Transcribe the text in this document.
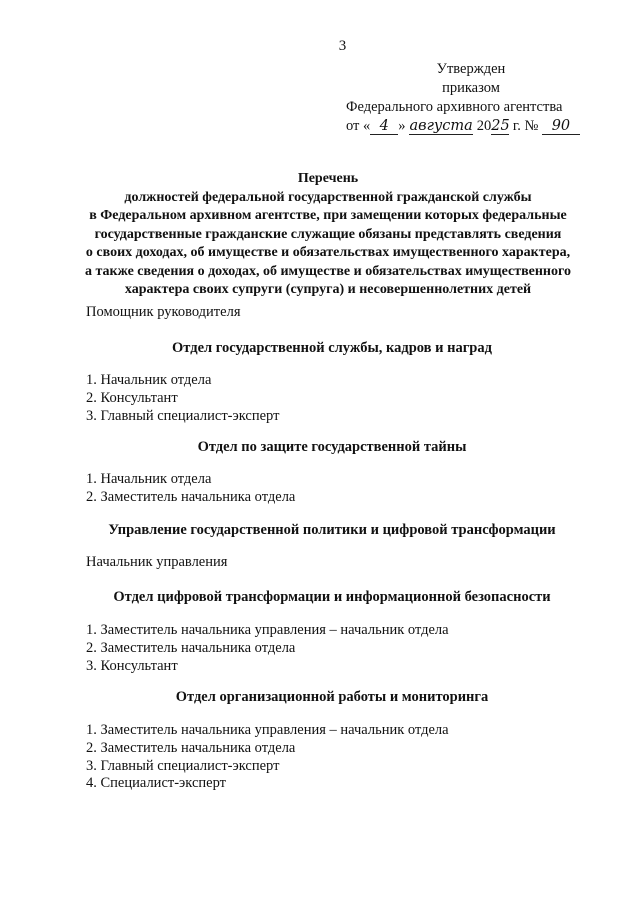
3
Утвержден
приказом
Федерального архивного агентства
от « 4 » августа 2025 г. № 90
Перечень
должностей федеральной государственной гражданской службы
в Федеральном архивном агентстве, при замещении которых федеральные
государственные гражданские служащие обязаны представлять сведения
о своих доходах, об имуществе и обязательствах имущественного характера,
а также сведения о доходах, об имуществе и обязательствах имущественного
характера своих супруги (супруга) и несовершеннолетних детей
Помощник руководителя
Отдел государственной службы, кадров и наград
1. Начальник отдела
2. Консультант
3. Главный специалист-эксперт
Отдел по защите государственной тайны
1. Начальник отдела
2. Заместитель начальника отдела
Управление государственной политики и цифровой трансформации
Начальник управления
Отдел цифровой трансформации и информационной безопасности
1. Заместитель начальника управления – начальник отдела
2. Заместитель начальника отдела
3. Консультант
Отдел организационной работы и мониторинга
1. Заместитель начальника управления – начальник отдела
2. Заместитель начальника отдела
3. Главный специалист-эксперт
4. Специалист-эксперт
